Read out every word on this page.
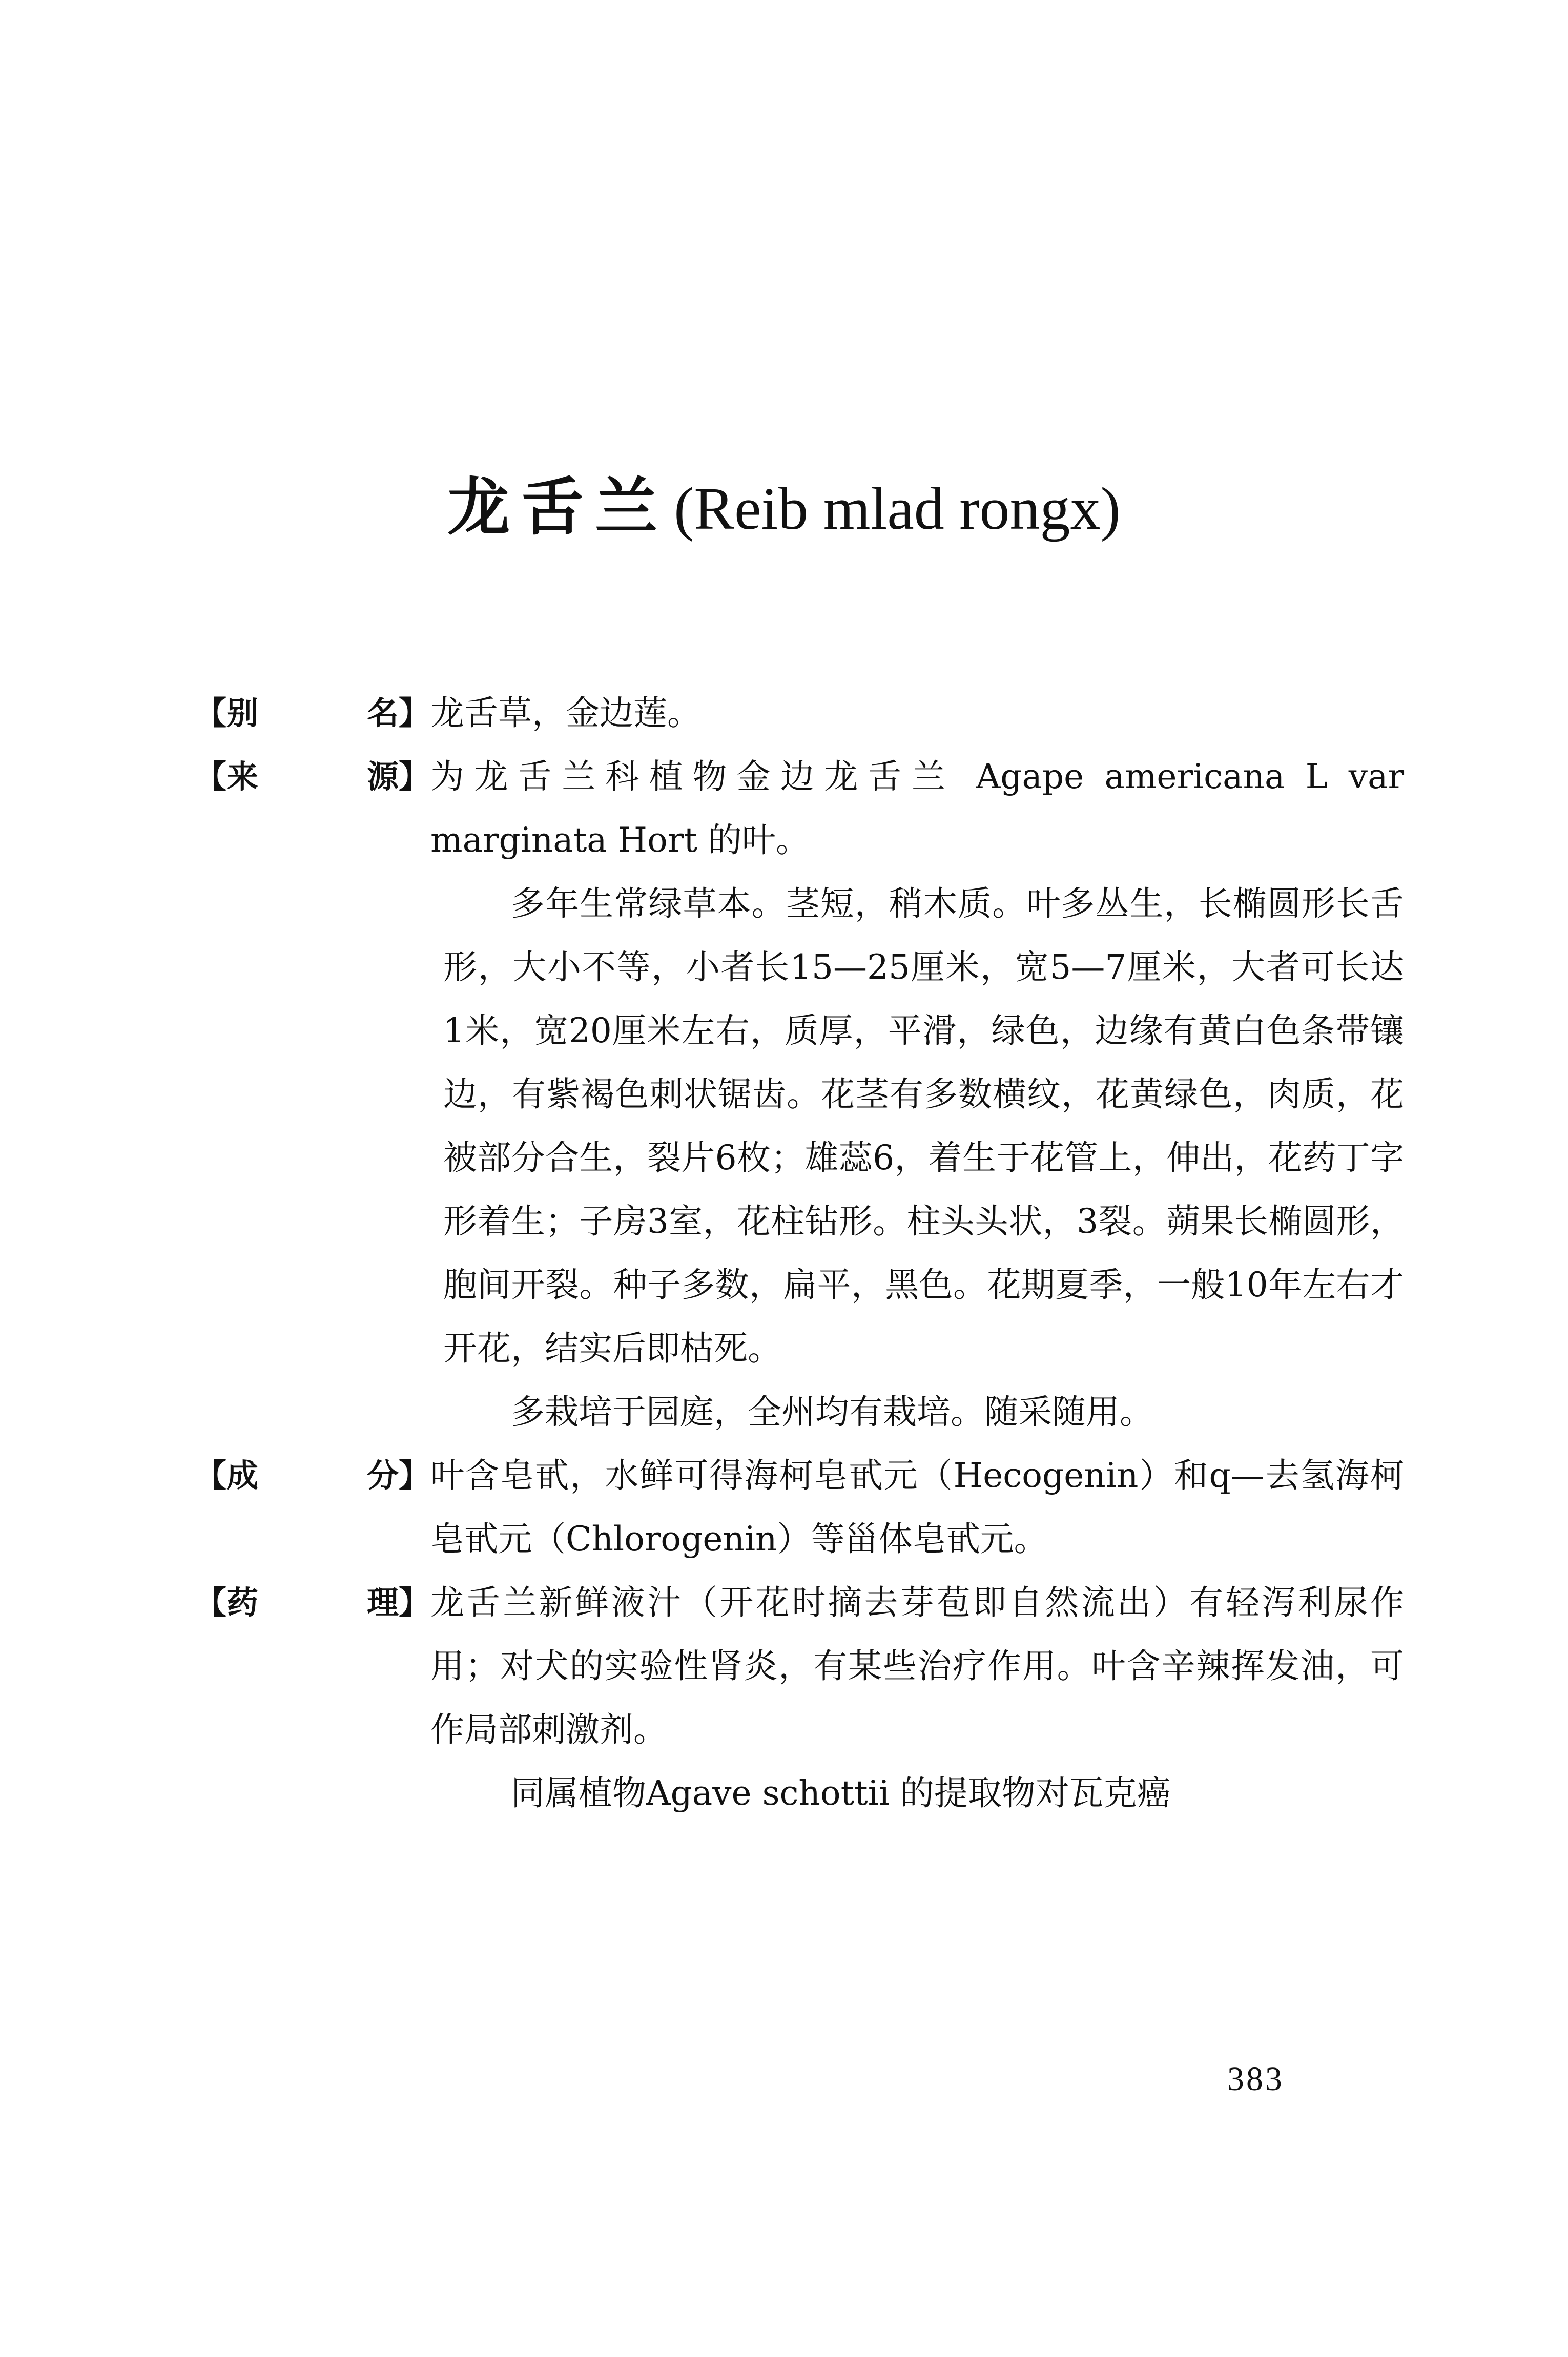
龙舌兰(Reib mlad rongx)
【别	名】 龙舌草，金边莲。

【来	源】 为龙舌兰科植物金边龙舌兰 Agape americana L var marginata Hort 的叶。

多年生常绿草本。茎短，稍木质。叶多丛生，长椭圆形长舌形，大小不等，小者长15—25厘米，宽5—7厘米，大者可长达1米，宽20厘米左右，质厚，平滑，绿色，边缘有黄白色条带镶边，有紫褐色刺状锯齿。花茎有多数横纹，花黄绿色，肉质，花被部分合生，裂片6枚；雄蕊6，着生于花管上，伸出，花药丁字形着生；子房3室，花柱钻形。柱头头状，3裂。蒴果长椭圆形，胞间开裂。种子多数，扁平，黑色。花期夏季，一般10年左右才开花，结实后即枯死。

多栽培于园庭，全州均有栽培。随采随用。

【成	分】 叶含皂甙，水鲜可得海柯皂甙元（Hecogenin）和q—去氢海柯皂甙元（Chlorogenin）等甾体皂甙元。

【药	理】 龙舌兰新鲜液汁（开花时摘去芽苞即自然流出）有轻泻利尿作用；对犬的实验性肾炎，有某些治疗作用。叶含辛辣挥发油，可作局部刺激剂。

同属植物Agave schottii 的提取物对瓦克癌

383
